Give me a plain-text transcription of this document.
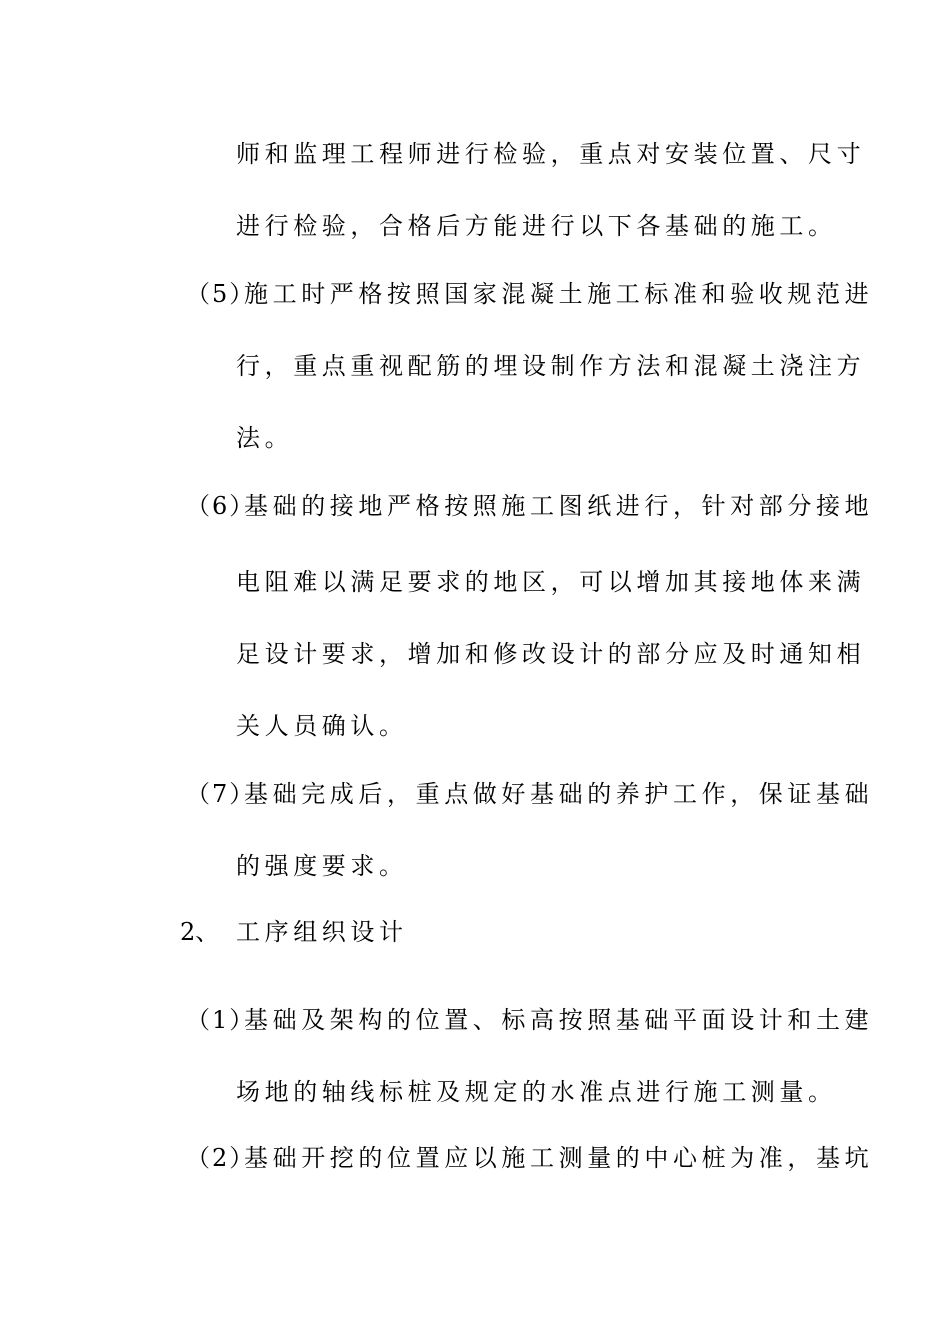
师和监理工程师进行检验，重点对安装位置、尺寸
进行检验，合格后方能进行以下各基础的施工。
（5）施工时严格按照国家混凝土施工标准和验收规范进
行，重点重视配筋的埋设制作方法和混凝土浇注方
法。
（6）基础的接地严格按照施工图纸进行，针对部分接地
电阻难以满足要求的地区，可以增加其接地体来满
足设计要求，增加和修改设计的部分应及时通知相
关人员确认。
（7）基础完成后，重点做好基础的养护工作，保证基础
的强度要求。
2、 工序组织设计
（1）基础及架构的位置、标高按照基础平面设计和土建
场地的轴线标桩及规定的水准点进行施工测量。
（2）基础开挖的位置应以施工测量的中心桩为准，基坑
